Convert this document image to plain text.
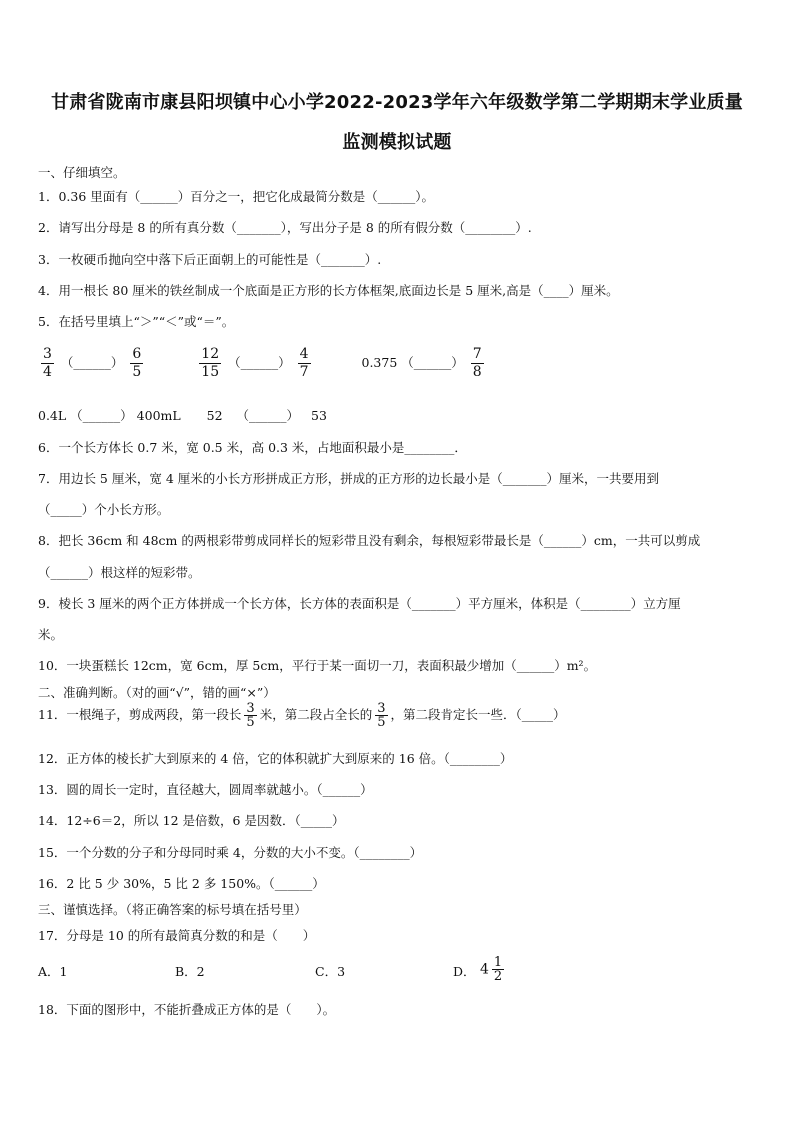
甘肃省陇南市康县阳坝镇中心小学2022-2023学年六年级数学第二学期期末学业质量
监测模拟试题
一、仔细填空。
1．0.36 里面有（______）百分之一，把它化成最简分数是（______）。
2．请写出分母是 8 的所有真分数（_______），写出分子是 8 的所有假分数（________）.
3．一枚硬币抛向空中落下后正面朝上的可能性是（_______）.
4．用一根长 80 厘米的铁丝制成一个底面是正方形的长方体框架,底面边长是 5 厘米,高是（____）厘米。
5．在括号里填上“＞”“＜”或“＝”。
$\frac{3}{4}$ （______） $\frac{6}{5}$
	$\frac{12}{15}$ （______） $\frac{4}{7}$	0.375 （______） $\frac{7}{8}$
0.4L （______） 400mL 52 （______） 53
6．一个长方体长 0.7 米，宽 0.5 米，高 0.3 米，占地面积最小是________．
7．用边长 5 厘米，宽 4 厘米的小长方形拼成正方形，拼成的正方形的边长最小是（_______）厘米，一共要用到
（_____）个小长方形。
8．把长 36cm 和 48cm 的两根彩带剪成同样长的短彩带且没有剩余，每根短彩带最长是（______）cm，一共可以剪成
（______）根这样的短彩带。
9．棱长 3 厘米的两个正方体拼成一个长方体，长方体的表面积是（_______）平方厘米，体积是（________）立方厘
米。
10．一块蛋糕长 12cm，宽 6cm，厚 5cm，平行于某一面切一刀，表面积最少增加（______）m²。
二、准确判断。（对的画“√”，错的画“×”）
11．一根绳子，剪成两段，第一段长 $\frac{3}{5}$ 米，第二段占全长的 $\frac{3}{5}$ ，第二段肯定长一些．（_____）
12．正方体的棱长扩大到原来的 4 倍，它的体积就扩大到原来的 16 倍。（________）
13．圆的周长一定时，直径越大，圆周率就越小。（______）
14．12÷6＝2，所以 12 是倍数，6 是因数．（_____）
15．一个分数的分子和分母同时乘 4，分数的大小不变。（________）
16．2 比 5 少 30%，5 比 2 多 150%。（______）
三、谨慎选择。（将正确答案的标号填在括号里）
17．分母是 10 的所有最简真分数的和是（　　）
A．1	B．2	C．3	D． $4 \frac{1}{2}$
18．下面的图形中，不能折叠成正方体的是（　　）。
